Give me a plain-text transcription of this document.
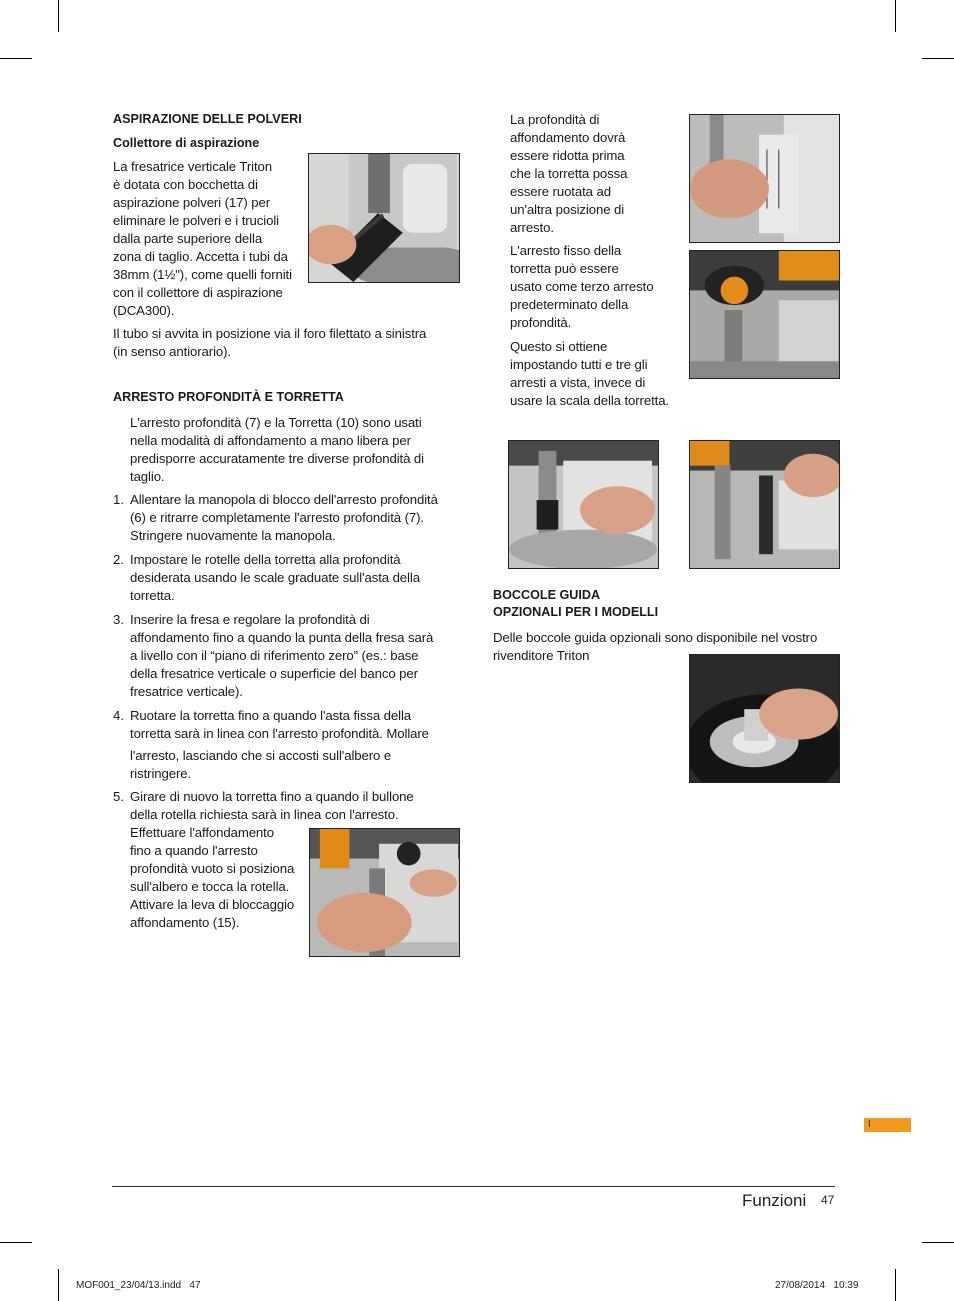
ASPIRAZIONE DELLE POLVERI
Collettore di aspirazione
La fresatrice verticale Triton
è dotata con bocchetta di
aspirazione polveri (17) per
eliminare le polveri e i trucioli
dalla parte superiore della
zona di taglio. Accetta i tubi da
38mm (1½"), come quelli forniti
con il collettore di aspirazione
(DCA300).
Il tubo si avvita in posizione via il foro filettato a sinistra
(in senso antiorario).
ARRESTO PROFONDITÀ E TORRETTA
L'arresto profondità (7) e la Torretta (10) sono usati
nella modalità di affondamento a mano libera per
predisporre accuratamente tre diverse profondità di
taglio.
1. Allentare la manopola di blocco dell'arresto profondità
(6) e ritrarre completamente l'arresto profondità (7).
Stringere nuovamente la manopola.
2. Impostare le rotelle della torretta alla profondità
desiderata usando le scale graduate sull'asta della
torretta.
3. Inserire la fresa e regolare la profondità di
affondamento fino a quando la punta della fresa sarà
a livello con il “piano di riferimento zero” (es.: base
della fresatrice verticale o superficie del banco per
fresatrice verticale).
4. Ruotare la torretta fino a quando l'asta fissa della
torretta sarà in linea con l'arresto profondità. Mollare
l'arresto, lasciando che si accosti sull'albero e
ristringere.
5. Girare di nuovo la torretta fino a quando il bullone
della rotella richiesta sarà in linea con l'arresto.
Effettuare l'affondamento
fino a quando l'arresto
profondità vuoto si posiziona
sull'albero e tocca la rotella.
Attivare la leva di bloccaggio
affondamento (15).
La profondità di
affondamento dovrà
essere ridotta prima
che la torretta possa
essere ruotata ad
un'altra posizione di
arresto.
L'arresto fisso della
torretta può essere
usato come terzo arresto
predeterminato della
profondità.
Questo si ottiene
impostando tutti e tre gli
arresti a vista, invece di
usare la scala della torretta.
BOCCOLE GUIDA
OPZIONALI PER I MODELLI
Delle boccole guida opzionali sono disponibile nel vostro
rivenditore Triton
I
Funzioni 47
MOF001_23/04/13.indd   47	27/08/2014   10:39
